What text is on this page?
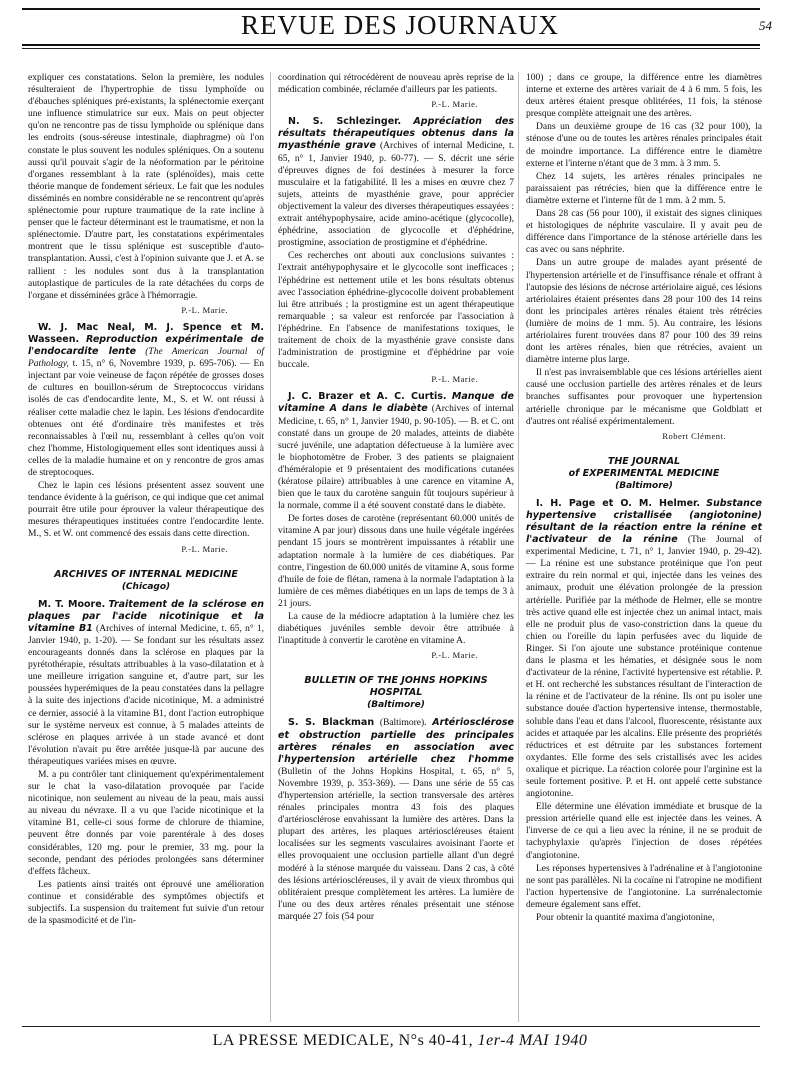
REVUE DES JOURNAUX	54

expliquer ces constatations. Selon la première, les nodules résulteraient de l'hypertrophie de tissu lymphoïde ou d'ébauches spléniques pré-existants, la splénectomie exerçant une influence stimulatrice sur eux. Mais on peut objecter qu'on ne rencontre pas de tissu lymphoïde ou splénique dans les endroits (sous-séreuse intestinale, diaphragme) où l'on constate le plus souvent les nodules spléniques. On a soutenu aussi qu'il pouvait s'agir de la néoformation par le péritoine d'organes ressemblant à la rate (splénoïdes), mais cette théorie manque de fondement sérieux. Le fait que les nodules disséminés en nombre considérable ne se rencontrent qu'après splénectomie pour rupture traumatique de la rate incline à penser que le facteur déterminant est le traumatisme, et non la splénectomie. D'autre part, les constatations expérimentales montrent que le tissu splénique est susceptible d'auto-transplantation. Aussi, c'est à l'opinion suivante que J. et A. se rallient : les nodules sont dus à la transplantation autoplastique de particules de la rate détachées du corps de l'organe et disséminées grâce à l'hémorragie.

P.-L. Marie.

W. J. Mac Neal, M. J. Spence et M. Wasseen. Reproduction expérimentale de l'endocardite lente (The American Journal of Pathology, t. 15, n° 6, Novembre 1939, p. 695-706). — En injectant par voie veineuse de façon répétée de grosses doses de cultures en bouillon-sérum de Streptococcus viridans isolés de cas d'endocardite lente, M., S. et W. ont réussi à réaliser cette maladie chez le lapin. Les lésions d'endocardite obtenues ont été d'ordinaire très manifestes et très reconnaissables à l'œil nu, ressemblant à celles qu'on voit chez l'homme, Histologiquement elles sont identiques aussi à celles de la maladie humaine et on y rencontre de gros amas de streptocoques.

Chez le lapin ces lésions présentent assez souvent une tendance évidente à la guérison, ce qui indique que cet animal pourrait être utile pour éprouver la valeur thérapeutique des mesures thérapeutiques instituées contre l'endocardite lente. M., S. et W. ont commencé des essais dans cette direction.

P.-L. Marie.
ARCHIVES OF INTERNAL MEDICINE
(Chicago)

M. T. Moore. Traitement de la sclérose en plaques par l'acide nicotinique et la vitamine B1 (Archives of internal Medicine, t. 65, n° 1, Janvier 1940, p. 1-20). — Se fondant sur les résultats assez encourageants donnés dans la sclérose en plaques par la pyrétothérapie, résultats attribuables à la vaso-dilatation et à une meilleure irrigation sanguine et, d'autre part, sur les poussées hyperémiques de la peau constatées dans la pellagre à la suite des injections d'acide nicotinique, M. a administré ce dernier, associé à la vitamine B1, dont l'action eutrophique sur le système nerveux est connue, à 5 malades atteints de sclérose en plaques arrivée à un stade avancé et dont l'évolution n'avait pu être arrêtée jusque-là par aucune des thérapeutiques variées mises en œuvre.

M. a pu contrôler tant cliniquement qu'expérimentalement sur le chat la vaso-dilatation provoquée par l'acide nicotinique, non seulement au niveau de la peau, mais aussi au niveau du névraxe. Il a vu que l'acide nicotinique et la vitamine B1, celle-ci sous forme de chlorure de thiamine, peuvent être donnés par voie parentérale à des doses considérables, 120 mg. pour le premier, 33 mg. pour la seconde, pendant des périodes prolongées sans déterminer d'effets fâcheux.

Les patients ainsi traités ont éprouvé une amélioration continue et considérable des symptômes objectifs et subjectifs. La suspension du traitement fut suivie d'un retour de la spasmodicité et de l'in-

coordination qui rétrocédèrent de nouveau après reprise de la médication combinée, réclamée d'ailleurs par les patients.

P.-L. Marie.

N. S. Schlezinger. Appréciation des résultats thérapeutiques obtenus dans la myasthénie grave (Archives of internal Medicine, t. 65, n° 1, Janvier 1940, p. 60-77). — S. décrit une série d'épreuves dignes de foi destinées à mesurer la force musculaire et la fatigabilité. Il les a mises en œuvre chez 7 sujets, atteints de myasthénie grave, pour apprécier objectivement la valeur des diverses thérapeutiques essayées : extrait antéhypophysaire, acide amino-acétique (glycocolle), éphédrine, association de glycocolle et d'éphédrine, prostigmine, association de prostigmine et d'éphédrine.

Ces recherches ont abouti aux conclusions suivantes : l'extrait antéhypophysaire et le glycocolle sont inefficaces ; l'éphédrine est nettement utile et les bons résultats obtenus avec l'association éphédrine-glycocolle doivent probablement lui être attribués ; la prostigmine est un agent thérapeutique remarquable ; sa valeur est renforcée par l'association à l'éphédrine. En l'absence de manifestations toxiques, le traitement de choix de la myasthénie grave consiste dans l'administration de prostigmine et d'éphédrine par voie buccale.

P.-L. Marie.

J. C. Brazer et A. C. Curtis. Manque de vitamine A dans le diabète (Archives of internal Medicine, t. 65, n° 1, Janvier 1940, p. 90-105). — B. et C. ont constaté dans un groupe de 20 malades, atteints de diabète sucré juvénile, une adaptation défectueuse à la lumière avec le biophotomètre de Frober. 3 des patients se plaignaient d'héméralopie et 9 présentaient des modifications cutanées (kératose pilaire) attribuables à une carence en vitamine A, bien que le taux du carotène sanguin fût toujours supérieur à la normale, comme il a été souvent constaté dans le diabète.

De fortes doses de carotène (représentant 60.000 unités de vitamine A par jour) dissous dans une huile végétale ingérées pendant 15 jours se montrèrent impuissantes à rétablir une adaptation normale à la lumière de ces diabétiques. Par contre, l'ingestion de 60.000 unités de vitamine A, sous forme d'huile de foie de flétan, ramena à la normale l'adaptation à la lumière de ces mêmes diabétiques en un laps de temps de 3 à 21 jours.

La cause de la médiocre adaptation à la lumière chez les diabétiques juvéniles semble devoir être attribuée à l'inaptitude à convertir le carotène en vitamine A.

P.-L. Marie.
BULLETIN OF THE JOHNS HOPKINS HOSPITAL
(Baltimore)

S. S. Blackman (Baltimore). Artériosclérose et obstruction partielle des principales artères rénales en association avec l'hypertension artérielle chez l'homme (Bulletin of the Johns Hopkins Hospital, t. 65, n° 5, Novembre 1939, p. 353-369). — Dans une série de 55 cas d'hypertension artérielle, la section transversale des artères rénales principales montra 43 fois des plaques d'artériosclérose envahissant la lumière des artères. Dans la plupart des artères, les plaques artérioscléreuses étaient localisées sur les segments vasculaires avoisinant l'aorte et elles provoquaient une occlusion partielle allant d'un degré modéré à la sténose marquée du vaisseau. Dans 2 cas, à côté des lésions artérioscléreuses, il y avait de vieux thrombus qui oblitéraient presque complètement les artères. La lumière de l'une ou des deux artères rénales présentait une sténose marquée 27 fois (54 pour

100) ; dans ce groupe, la différence entre les diamètres interne et externe des artères variait de 4 à 6 mm. 5 fois, les deux artères étaient presque oblitérées, 11 fois, la sténose presque complète atteignait une des artères.

Dans un deuxième groupe de 16 cas (32 pour 100), la sténose d'une ou de toutes les artères rénales principales était de moindre importance. La différence entre le diamètre externe et l'interne n'étant que de 3 mm. à 3 mm. 5.

Chez 14 sujets, les artères rénales principales ne paraissaient pas rétrécies, bien que la différence entre le diamètre externe et l'interne fût de 1 mm. à 2 mm. 5.

Dans 28 cas (56 pour 100), il existait des signes cliniques et histologiques de néphrite vasculaire. Il y avait peu de différence dans l'importance de la sténose artérielle dans les cas avec ou sans néphrite.

Dans un autre groupe de malades ayant présenté de l'hypertension artérielle et de l'insuffisance rénale et offrant à l'autopsie des lésions de nécrose artériolaire aiguë, ces lésions artériolaires étaient présentes dans 28 pour 100 des 14 reins dont les principales artères rénales étaient très rétrécies (lumière de moins de 1 mm. 5). Au contraire, les lésions artériolaires furent trouvées dans 87 pour 100 des 39 reins dont les artères rénales, bien que rétrécies, avaient un diamètre interne plus large.

Il n'est pas invraisemblable que ces lésions artérielles aient causé une occlusion partielle des artères rénales et de leurs branches suffisantes pour provoquer une hypertension artérielle chronique par le mécanisme que Goldblatt et d'autres ont réalisé expérimentalement.

Robert Clément.
THE JOURNAL
of EXPERIMENTAL MEDICINE
(Baltimore)

I. H. Page et O. M. Helmer. Substance hypertensive cristallisée (angiotonine) résultant de la réaction entre la rénine et l'activateur de la rénine (The Journal of experimental Medicine, t. 71, n° 1, Janvier 1940, p. 29-42). — La rénine est une substance protéinique que l'on peut extraire du rein normal et qui, injectée dans les veines des animaux, produit une élévation prolongée de la pression artérielle. Purifiée par la méthode de Helmer, elle se montre très active quand elle est injectée chez un animal intact, mais elle ne produit plus de vaso-constriction dans la queue du chien ou l'oreille du lapin perfusées avec du liquide de Ringer. Si l'on ajoute une substance protéinique contenue dans le plasma et les hématies, et désignée sous le nom d'activateur de la rénine, l'activité hypertensive est rétablie. P. et H. ont recherché les substances résultant de l'interaction de la rénine et de l'activateur de la rénine. Ils ont pu isoler une substance douée d'action hypertensive intense, thermostable, soluble dans l'eau et dans l'alcool, fluorescente, résistante aux acides et attaquée par les alcalins. Elle présente des propriétés réductrices et est détruite par les substances fortement oxydantes. Elle forme des sels cristallisés avec les acides oxalique et picrique. La réaction colorée pour l'arginine est la seule fortement positive. P. et H. ont appelé cette substance angiotonine.

Elle détermine une élévation immédiate et brusque de la pression artérielle quand elle est injectée dans les veines. A l'inverse de ce qui a lieu avec la rénine, il ne se produit de tachyphylaxie qu'après l'injection de doses répétées d'angiotonine.

Les réponses hypertensives à l'adrénaline et à l'angiotonine ne sont pas parallèles. Ni la cocaïne ni l'atropine ne modifient l'action hypertensive de l'angiotonine. La surrénalectomie demeure également sans effet.

Pour obtenir la quantité maxima d'angiotonine,

LA PRESSE MEDICALE, N°s 40-41, 1er-4 MAI 1940
